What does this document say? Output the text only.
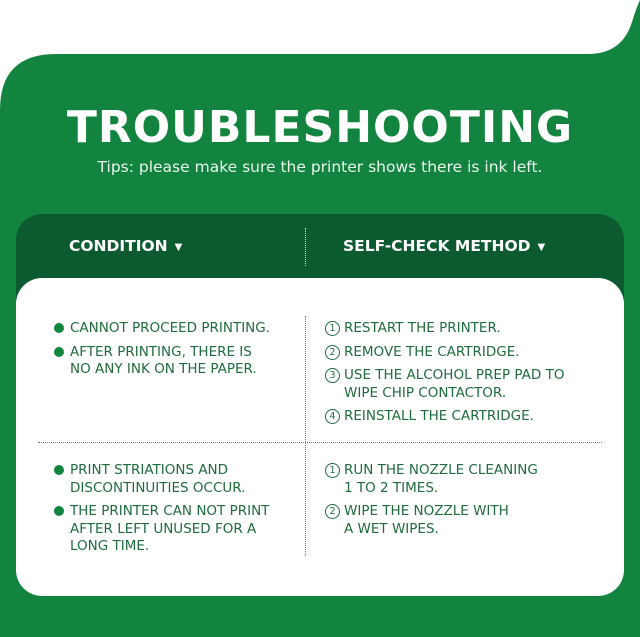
TROUBLESHOOTING
Tips: please make sure the printer shows there is ink left.
CONDITION ▼	SELF-CHECK METHOD ▼
CANNOT PROCEED PRINTING.
AFTER PRINTING, THERE IS
NO ANY INK ON THE PAPER.
1 RESTART THE PRINTER.
2 REMOVE THE CARTRIDGE.
3 USE THE ALCOHOL PREP PAD TO
WIPE CHIP CONTACTOR.
4 REINSTALL THE CARTRIDGE.
PRINT STRIATIONS AND
DISCONTINUITIES OCCUR.
THE PRINTER CAN NOT PRINT
AFTER LEFT UNUSED FOR A
LONG TIME.
1 RUN THE NOZZLE CLEANING
1 TO 2 TIMES.
2 WIPE THE NOZZLE WITH
A WET WIPES.
